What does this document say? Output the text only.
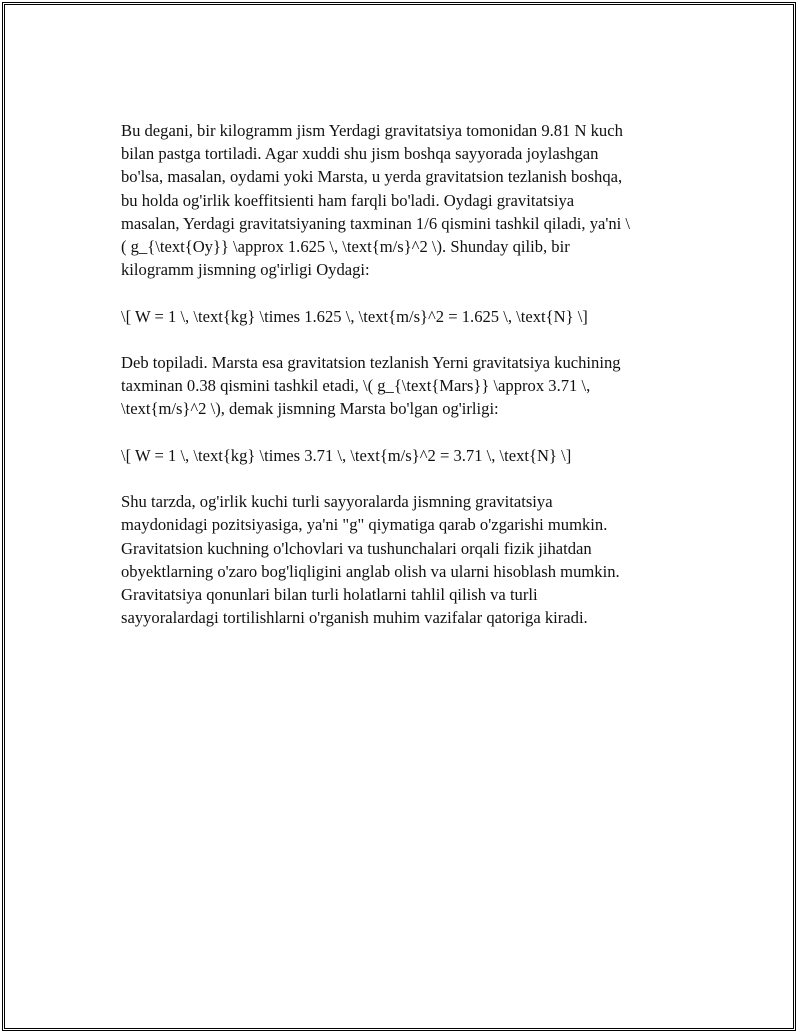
Bu degani, bir kilogramm jism Yerdagi gravitatsiya tomonidan 9.81 N kuch
bilan pastga tortiladi. Agar xuddi shu jism boshqa sayyorada joylashgan
bo'lsa, masalan, oydami yoki Marsta, u yerda gravitatsion tezlanish boshqa,
bu holda og'irlik koeffitsienti ham farqli bo'ladi. Oydagi gravitatsiya
masalan, Yerdagi gravitatsiyaning taxminan 1/6 qismini tashkil qiladi, ya'ni \
( g_{\text{Oy}} \approx 1.625 \, \text{m/s}^2 \). Shunday qilib, bir
kilogramm jismning og'irligi Oydagi:

\[ W = 1 \, \text{kg} \times 1.625 \, \text{m/s}^2 = 1.625 \, \text{N} \]

Deb topiladi. Marsta esa gravitatsion tezlanish Yerni gravitatsiya kuchining
taxminan 0.38 qismini tashkil etadi, \( g_{\text{Mars}} \approx 3.71 \,
\text{m/s}^2 \), demak jismning Marsta bo'lgan og'irligi:

\[ W = 1 \, \text{kg} \times 3.71 \, \text{m/s}^2 = 3.71 \, \text{N} \]

Shu tarzda, og'irlik kuchi turli sayyoralarda jismning gravitatsiya
maydonidagi pozitsiyasiga, ya'ni "g" qiymatiga qarab o'zgarishi mumkin.
Gravitatsion kuchning o'lchovlari va tushunchalari orqali fizik jihatdan
obyektlarning o'zaro bog'liqligini anglab olish va ularni hisoblash mumkin.
Gravitatsiya qonunlari bilan turli holatlarni tahlil qilish va turli
sayyoralardagi tortilishlarni o'rganish muhim vazifalar qatoriga kiradi.
